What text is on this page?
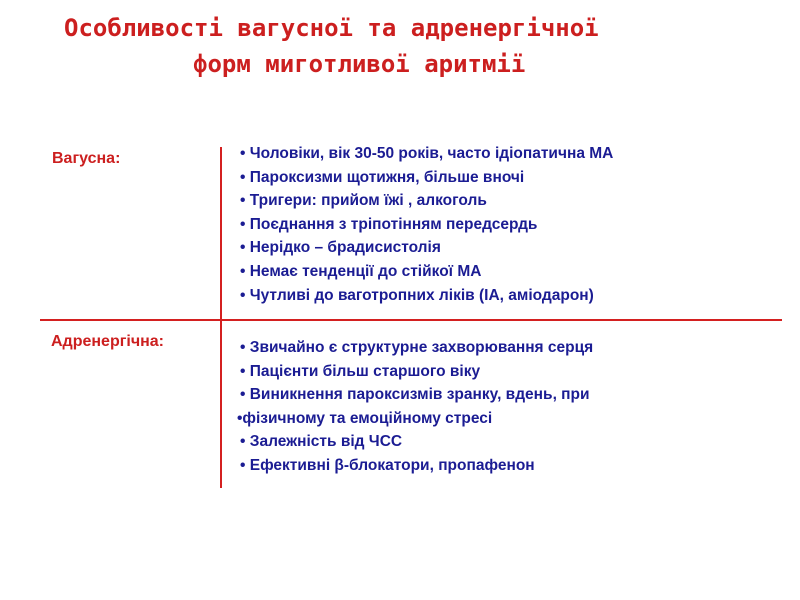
Особливості вагусної та адренергічної
форм миготливої аритмії
Вагусна:	• Чоловіки, вік 30-50 років, часто ідіопатична МА
• Пароксизми щотижня, більше вночі
• Тригери: прийом їжі , алкоголь
• Поєднання з тріпотінням передсердь
• Нерідко – брадисистолія
• Немає тенденції до стійкої МА
• Чутливі до ваготропних ліків (ІА, аміодарон)
Адренергічна:	• Звичайно є структурне захворювання серця
• Пацієнти більш старшого віку
• Виникнення пароксизмів зранку, вдень, при
•фізичному та емоційному стресі
• Залежність від ЧСС
• Ефективні β-блокатори, пропафенон
